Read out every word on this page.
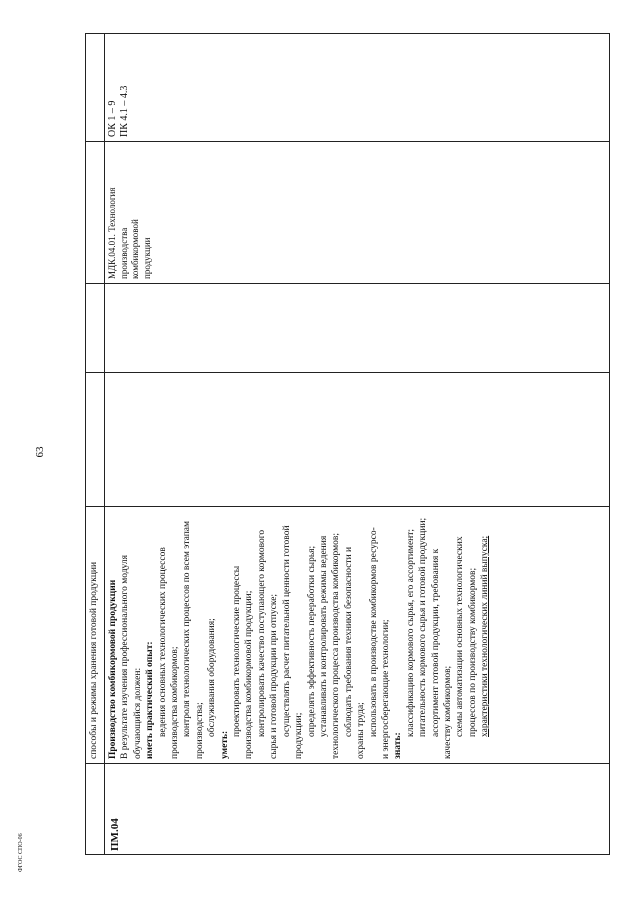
63
способы и режимы хранения готовой продукции
ПМ.04
Производство комбикормовой продукции В результате изучения профессионального модуля обучающийся должен: иметь практический опыт: ведения основных технологических процессов производства комбикормов; контроля технологических процессов по всем этапам производства; обслуживания оборудования;
уметь:
проектировать технологические процессы производства комбикормовой продукции; контролировать качество поступающего кормового сырья и готовой продукции при отпуске; осуществлять расчет питательной ценности готовой продукции; определять эффективность переработки сырья; устанавливать и контролировать режимы ведения технологического процесса производства комбикормов; соблюдать требования техники безопасности и охраны труда; использовать в производстве комбикормов ресурсо- и энергосберегающие технологии; знать:
классификацию кормового сырья, его ассортимент; питательность кормового сырья и готовой продукции; ассортимент готовой продукции, требования к качеству комбикормов; схемы автоматизации основных технологических процессов по производству комбикормов; характеристики технологических линий выпуска;
МДК.04.01. Технология производства комбикормовой продукции
ОК 1 – 9 ПК 4.1 – 4.3
ФГОС СПО-06
